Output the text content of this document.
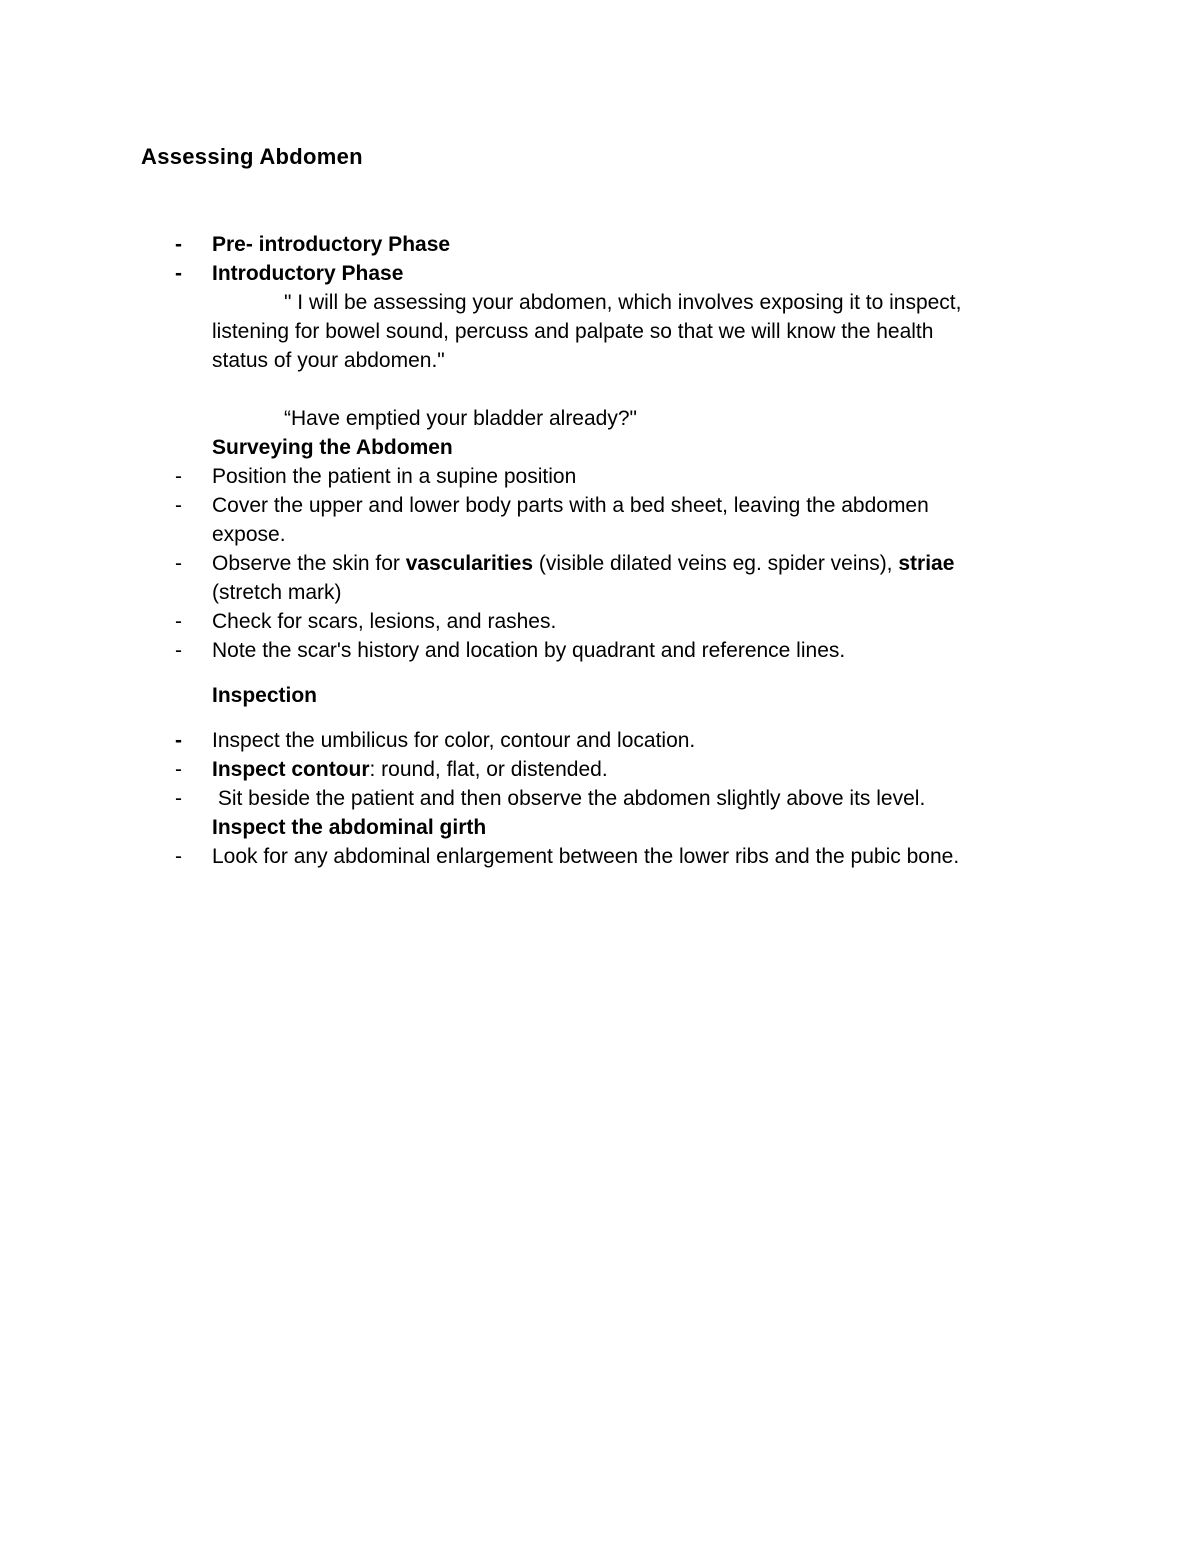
Assessing Abdomen
- Pre- introductory Phase
- Introductory Phase
" I will be assessing your abdomen, which involves exposing it to inspect,
listening for bowel sound, percuss and palpate so that we will know the health
status of your abdomen."
“Have emptied your bladder already?"
Surveying the Abdomen
- Position the patient in a supine position
- Cover the upper and lower body parts with a bed sheet, leaving the abdomen
expose.
- Observe the skin for vascularities (visible dilated veins eg. spider veins), striae
(stretch mark)
- Check for scars, lesions, and rashes.
- Note the scar's history and location by quadrant and reference lines.
Inspection
- Inspect the umbilicus for color, contour and location.
- Inspect contour: round, flat, or distended.
- Sit beside the patient and then observe the abdomen slightly above its level.
Inspect the abdominal girth
- Look for any abdominal enlargement between the lower ribs and the pubic bone.
